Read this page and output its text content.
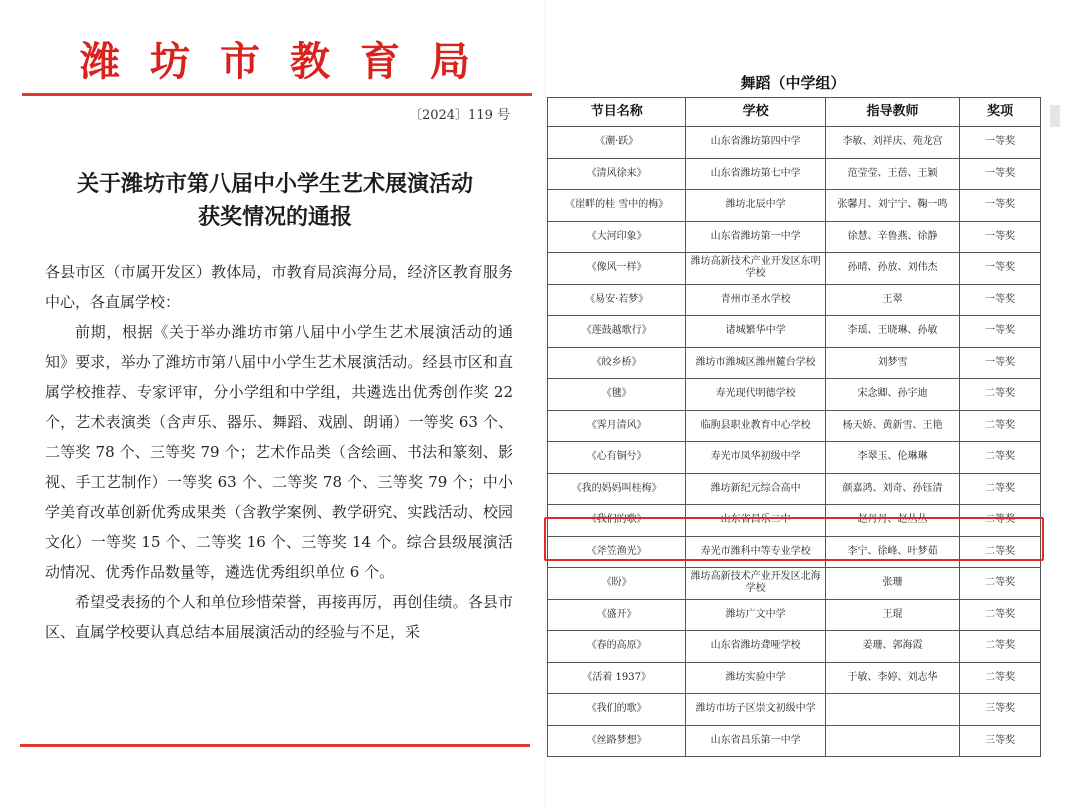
潍坊市教育局
〔2024〕119 号
关于潍坊市第八届中小学生艺术展演活动
获奖情况的通报

各县市区（市属开发区）教体局，市教育局滨海分局，经济区教育服务中心，各直属学校：

前期，根据《关于举办潍坊市第八届中小学生艺术展演活动的通知》要求，举办了潍坊市第八届中小学生艺术展演活动。经县市区和直属学校推荐、专家评审，分小学组和中学组，共遴选出优秀创作奖 22 个，艺术表演类（含声乐、器乐、舞蹈、戏剧、朗诵）一等奖 63 个、二等奖 78 个、三等奖 79 个；艺术作品类（含绘画、书法和篆刻、影视、手工艺制作）一等奖 63 个、二等奖 78 个、三等奖 79 个；中小学美育改革创新优秀成果类（含教学案例、教学研究、实践活动、校园文化）一等奖 15 个、二等奖 16 个、三等奖 14 个。综合县级展演活动情况、优秀作品数量等，遴选优秀组织单位 6 个。

希望受表扬的个人和单位珍惜荣誉，再接再厉，再创佳绩。各县市区、直属学校要认真总结本届展演活动的经验与不足，采

舞蹈（中学组）
节目名称	学校	指导教师	奖项
《潮·跃》	山东省潍坊第四中学	李敏、刘祥庆、苑龙宫	一等奖
《清风徐来》	山东省潍坊第七中学	范莹莹、王蓓、王颖	一等奖
《崖畔的桂 雪中的梅》	潍坊北辰中学	张馨月、刘宁宁、鞠一鸣	一等奖
《大河印象》	山东省潍坊第一中学	徐慧、辛鲁燕、徐静	一等奖
《像风一样》	潍坊高新技术产业开发区东明学校	孙晴、孙放、刘伟杰	一等奖
《易安·若梦》	青州市圣水学校	王翠	一等奖
《莲鼓越歌行》	诸城繁华中学	李瑶、王晓琳、孙敏	一等奖
《皎乡桥》	潍坊市潍城区潍州麓台学校	刘梦雪	一等奖
《毽》	寿光现代明德学校	宋念卿、孙宇迪	二等奖
《霁月清风》	临朐县职业教育中心学校	杨天娇、黄新雪、王艳	二等奖
《心有铜兮》	寿光市凤华初级中学	李翠玉、伦琳琳	二等奖
《我的妈妈叫桂梅》	潍坊新纪元综合高中	颜嘉鸿、刘奇、孙钰清	二等奖
《我们的歌》	山东省昌乐二中	赵丹丹、赵丛丛	二等奖
《斧笠渔光》	寿光市潍科中等专业学校	李宁、徐峰、叶梦茹	二等奖
《盼》	潍坊高新技术产业开发区北海学校	张珊	二等奖
《盛开》	潍坊广文中学	王琨	二等奖
《春的高原》	山东省潍坊聋哑学校	姜珊、郭海霞	二等奖
《活着 1937》	潍坊实验中学	于敏、李婷、刘志华	二等奖
《我们的歌》	潍坊市坊子区崇文初级中学		三等奖
《丝路梦想》	山东省昌乐第一中学		三等奖
